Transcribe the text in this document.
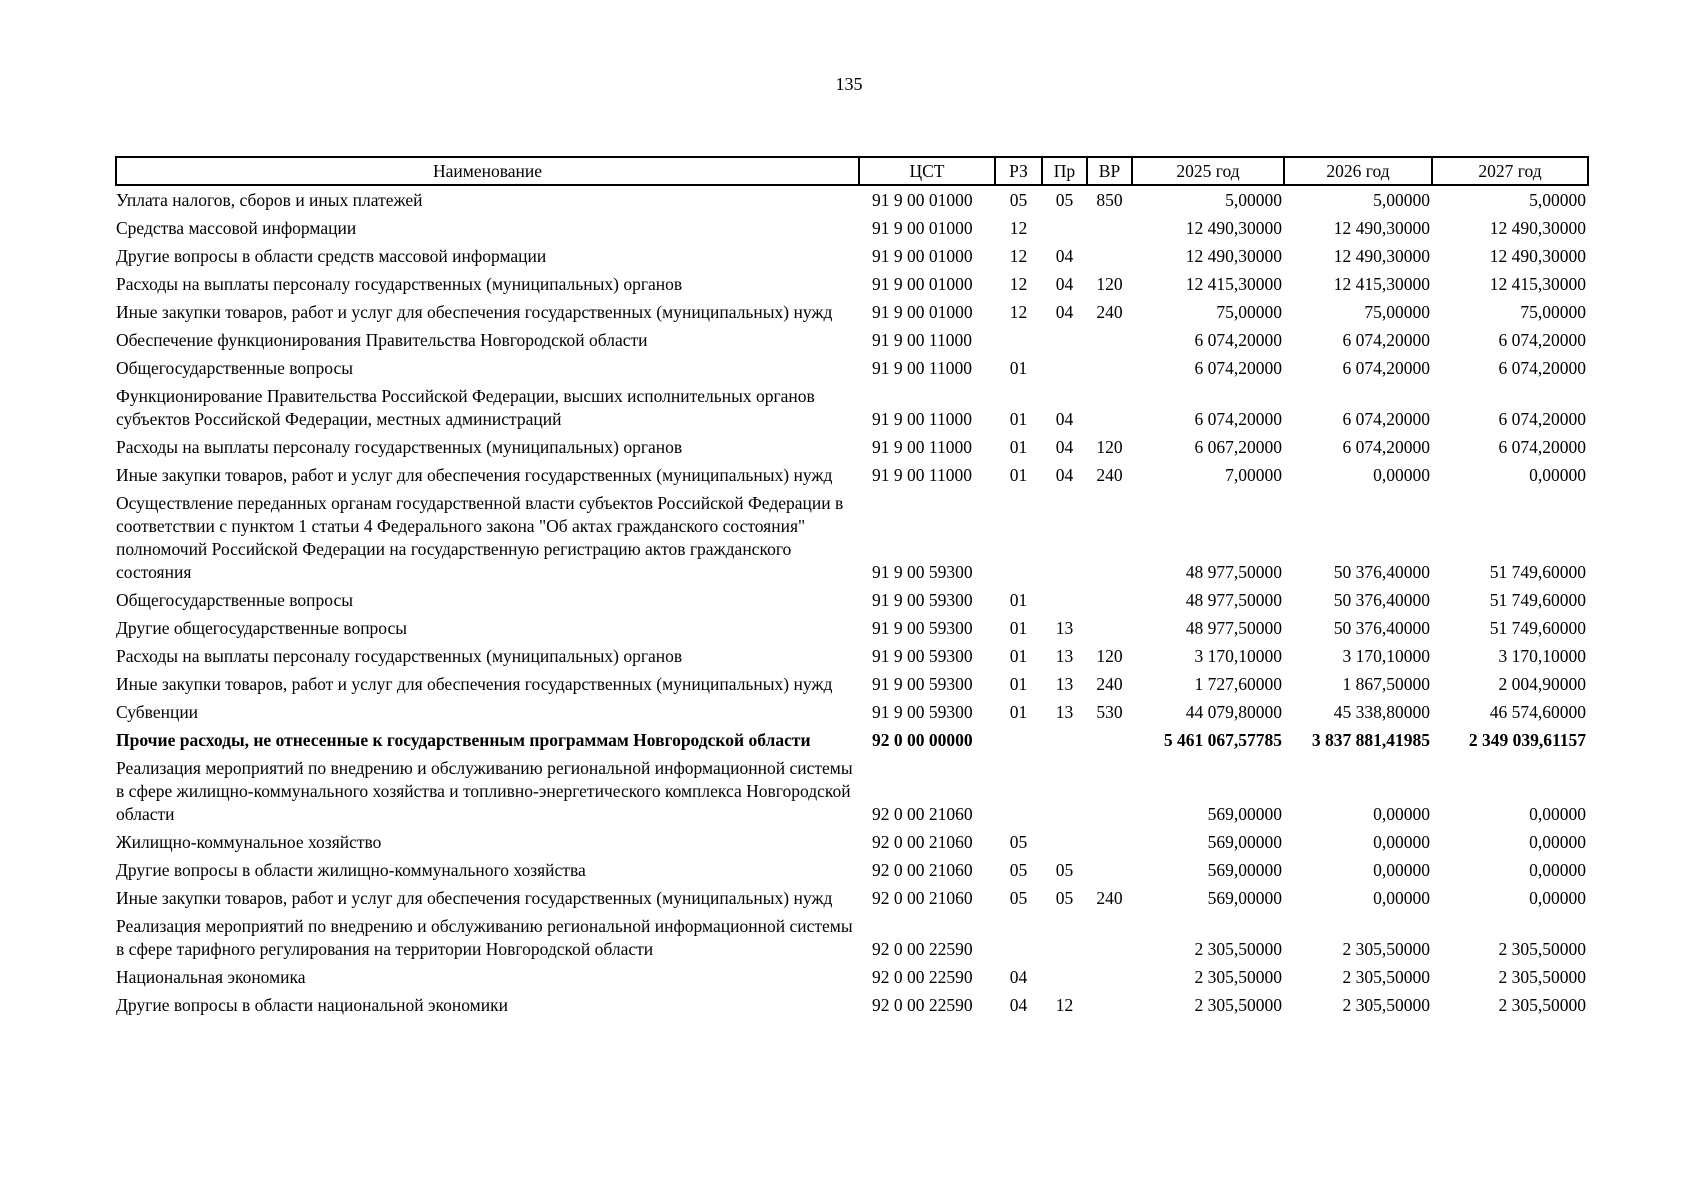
135
Наименование	ЦСТ	РЗ	Пр	ВР	2025 год	2026 год	2027 год
Уплата налогов, сборов и иных платежей	91 9 00 01000	05	05	850	5,00000	5,00000	5,00000
Средства массовой информации	91 9 00 01000	12			12 490,30000	12 490,30000	12 490,30000
Другие вопросы в области средств массовой информации	91 9 00 01000	12	04		12 490,30000	12 490,30000	12 490,30000
Расходы на выплаты персоналу государственных (муниципальных) органов	91 9 00 01000	12	04	120	12 415,30000	12 415,30000	12 415,30000
Иные закупки товаров, работ и услуг для обеспечения государственных (муниципальных) нужд	91 9 00 01000	12	04	240	75,00000	75,00000	75,00000
Обеспечение функционирования Правительства Новгородской области	91 9 00 11000				6 074,20000	6 074,20000	6 074,20000
Общегосударственные вопросы	91 9 00 11000	01			6 074,20000	6 074,20000	6 074,20000
Функционирование Правительства Российской Федерации, высших исполнительных органов субъектов Российской Федерации, местных администраций	91 9 00 11000	01	04		6 074,20000	6 074,20000	6 074,20000
Расходы на выплаты персоналу государственных (муниципальных) органов	91 9 00 11000	01	04	120	6 067,20000	6 074,20000	6 074,20000
Иные закупки товаров, работ и услуг для обеспечения государственных (муниципальных) нужд	91 9 00 11000	01	04	240	7,00000	0,00000	0,00000
Осуществление переданных органам государственной власти субъектов Российской Федерации в соответствии с пунктом 1 статьи 4 Федерального закона "Об актах гражданского состояния" полномочий Российской Федерации на государственную регистрацию актов гражданского состояния	91 9 00 59300				48 977,50000	50 376,40000	51 749,60000
Общегосударственные вопросы	91 9 00 59300	01			48 977,50000	50 376,40000	51 749,60000
Другие общегосударственные вопросы	91 9 00 59300	01	13		48 977,50000	50 376,40000	51 749,60000
Расходы на выплаты персоналу государственных (муниципальных) органов	91 9 00 59300	01	13	120	3 170,10000	3 170,10000	3 170,10000
Иные закупки товаров, работ и услуг для обеспечения государственных (муниципальных) нужд	91 9 00 59300	01	13	240	1 727,60000	1 867,50000	2 004,90000
Субвенции	91 9 00 59300	01	13	530	44 079,80000	45 338,80000	46 574,60000
Прочие расходы, не отнесенные к государственным программам Новгородской области	92 0 00 00000				5 461 067,57785	3 837 881,41985	2 349 039,61157
Реализация мероприятий по внедрению и обслуживанию региональной информационной системы в сфере жилищно-коммунального хозяйства и топливно-энергетического комплекса Новгородской области	92 0 00 21060				569,00000	0,00000	0,00000
Жилищно-коммунальное хозяйство	92 0 00 21060	05			569,00000	0,00000	0,00000
Другие вопросы в области жилищно-коммунального хозяйства	92 0 00 21060	05	05		569,00000	0,00000	0,00000
Иные закупки товаров, работ и услуг для обеспечения государственных (муниципальных) нужд	92 0 00 21060	05	05	240	569,00000	0,00000	0,00000
Реализация мероприятий по внедрению и обслуживанию региональной информационной системы в сфере тарифного регулирования на территории Новгородской области	92 0 00 22590				2 305,50000	2 305,50000	2 305,50000
Национальная экономика	92 0 00 22590	04			2 305,50000	2 305,50000	2 305,50000
Другие вопросы в области национальной экономики	92 0 00 22590	04	12		2 305,50000	2 305,50000	2 305,50000
